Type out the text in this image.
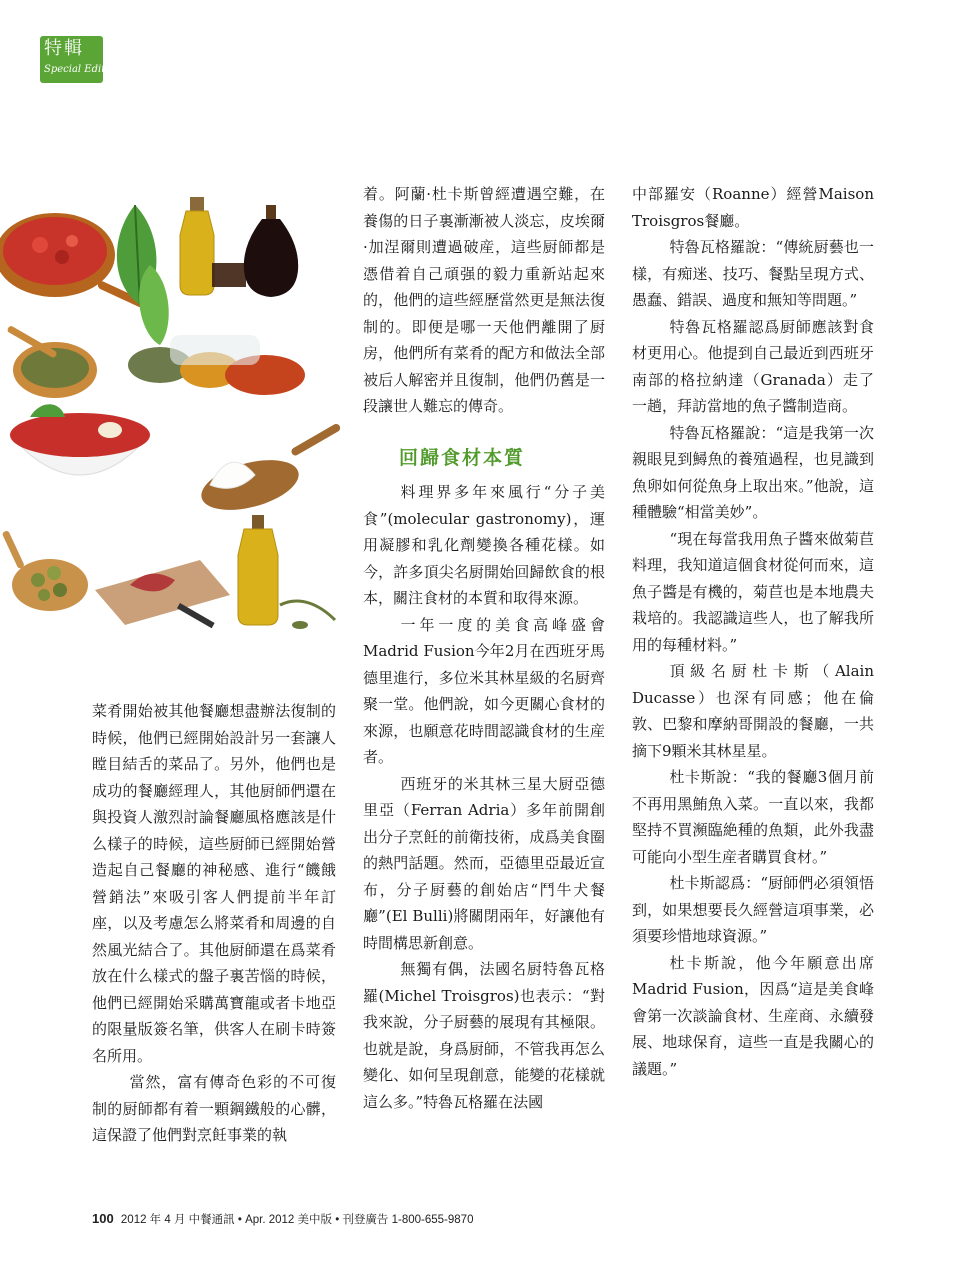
特輯
Special Edition

菜肴開始被其他餐廳想盡辦法復制的時候，他們已經開始設計另一套讓人瞠目結舌的菜品了。另外，他們也是成功的餐廳經理人，其他厨師們還在與投資人激烈討論餐廳風格應該是什么樣子的時候，這些厨師已經開始營造起自己餐廳的神秘感、進行“饑餓營銷法”來吸引客人們提前半年訂座，以及考慮怎么將菜肴和周邊的自然風光結合了。其他厨師還在爲菜肴放在什么樣式的盤子裏苦惱的時候，他們已經開始采購萬寶龍或者卡地亞的限量版簽名筆，供客人在刷卡時簽名所用。

當然，富有傳奇色彩的不可復制的厨師都有着一顆鋼鐵般的心髒，這保證了他們對烹飪事業的執

着。阿蘭·杜卡斯曾經遭遇空難，在養傷的日子裏漸漸被人淡忘，皮埃爾·加涅爾則遭過破産，這些厨師都是憑借着自己頑强的毅力重新站起來的，他們的這些經歷當然更是無法復制的。即便是哪一天他們離開了厨房，他們所有菜肴的配方和做法全部被后人解密并且復制，他們仍舊是一段讓世人難忘的傳奇。

回歸食材本質

料理界多年來風行“分子美食”(molecular gastronomy)，運用凝膠和乳化劑變換各種花樣。如今，許多頂尖名厨開始回歸飲食的根本，關注食材的本質和取得來源。

一年一度的美食高峰盛會Madrid Fusion今年2月在西班牙馬德里進行，多位米其林星級的名厨齊聚一堂。他們說，如今更關心食材的來源，也願意花時間認識食材的生産者。

西班牙的米其林三星大厨亞德里亞（Ferran Adria）多年前開創出分子烹飪的前衛技術，成爲美食圈的熱門話題。然而，亞德里亞最近宣布，分子厨藝的創始店“鬥牛犬餐廳”(El Bulli)將關閉兩年，好讓他有時間構思新創意。

無獨有偶，法國名厨特魯瓦格羅(Michel Troisgros)也表示：“對我來說，分子厨藝的展現有其極限。也就是說，身爲厨師，不管我再怎么變化、如何呈現創意，能變的花樣就這么多。”特魯瓦格羅在法國

中部羅安（Roanne）經營Maison Troisgros餐廳。

特魯瓦格羅說：“傳統厨藝也一樣，有痴迷、技巧、餐點呈現方式、愚蠢、錯誤、過度和無知等問題。”

特魯瓦格羅認爲厨師應該對食材更用心。他提到自己最近到西班牙南部的格拉納達（Granada）走了一趟，拜訪當地的魚子醬制造商。

特魯瓦格羅說：“這是我第一次親眼見到鱘魚的養殖過程，也見識到魚卵如何從魚身上取出來。”他說，這種體驗“相當美妙”。

“現在每當我用魚子醬來做菊苣料理，我知道這個食材從何而來，這魚子醬是有機的，菊苣也是本地農夫栽培的。我認識這些人，也了解我所用的每種材料。”

頂級名厨杜卡斯（Alain Ducasse）也深有同感；他在倫敦、巴黎和摩納哥開設的餐廳，一共摘下9顆米其林星星。

杜卡斯說：“我的餐廳3個月前不再用黑鮪魚入菜。一直以來，我都堅持不買瀕臨絶種的魚類，此外我盡可能向小型生産者購買食材。”

杜卡斯認爲：“厨師們必須領悟到，如果想要長久經營這項事業，必須要珍惜地球資源。”

杜卡斯說，他今年願意出席Madrid Fusion，因爲“這是美食峰會第一次談論食材、生産商、永續發展、地球保育，這些一直是我關心的議題。”

100 2012 年 4 月 中餐通訊 • Apr. 2012 美中版 • 刊登廣告 1-800-655-9870
